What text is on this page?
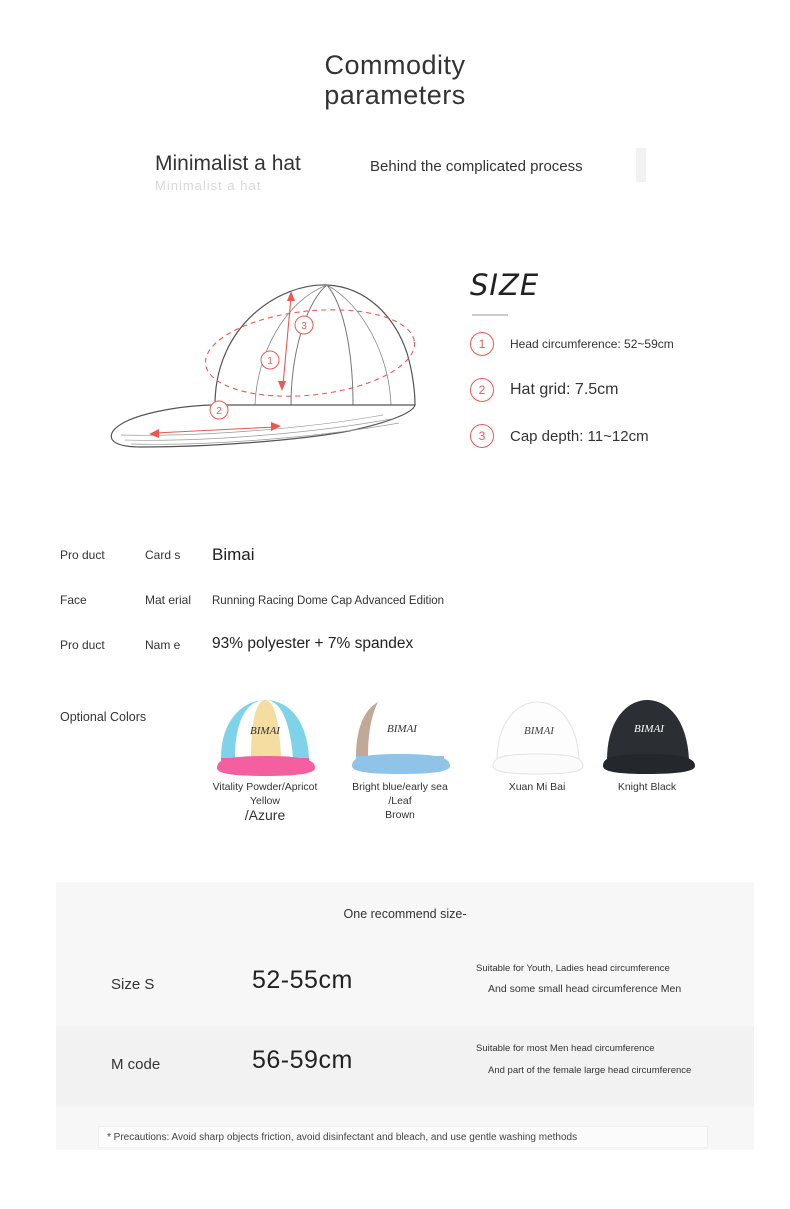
Commodity
parameters
Minimalist a hat	Behind the complicated process
Minimalist a hat
1
2
3
SIZE
1	Head circumference: 52~59cm
2	Hat grid: 7.5cm
3	Cap depth: 11~12cm
Pro duct	Card s	Bimai
Face	Mat erial	Running Racing Dome Cap Advanced Edition
Pro duct	Nam e	93% polyester + 7% spandex
Optional Colors
BIMAI
Vitality Powder/Apricot
Yellow
/Azure
BIMAI
Bright blue/early sea
/Leaf
Brown
BIMAI
Xuan Mi Bai
BIMAI
Knight Black
One recommend size-
Size S	52-55cm	Suitable for Youth, Ladies head circumference
And some small head circumference Men
M code	56-59cm	Suitable for most Men head circumference
And part of the female large head circumference
* Precautions: Avoid sharp objects friction, avoid disinfectant and bleach, and use gentle washing methods
